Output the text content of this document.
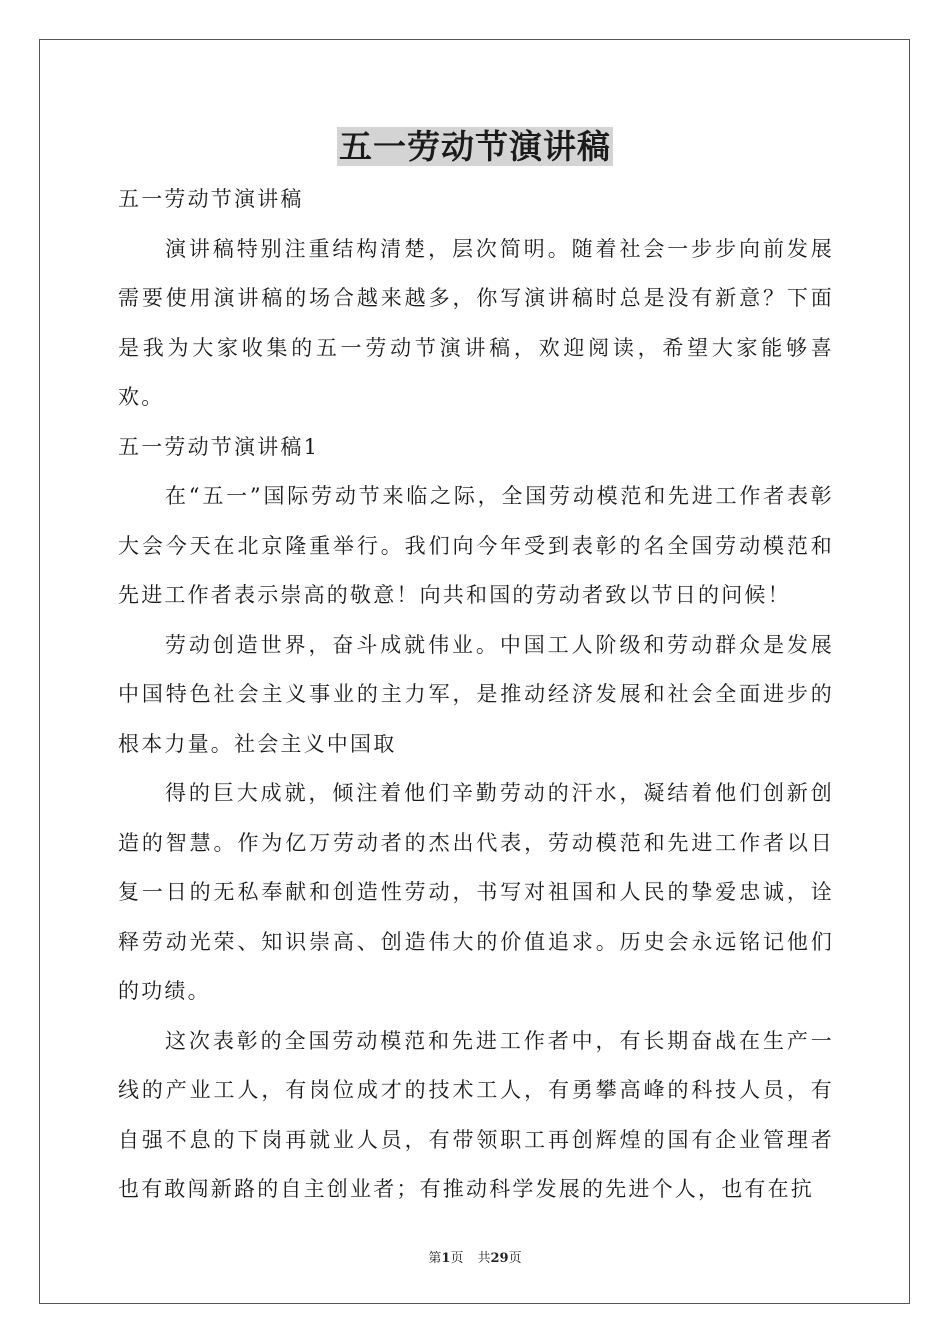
五一劳动节演讲稿

五一劳动节演讲稿

演讲稿特别注重结构清楚，层次简明。随着社会一步步向前发展需要使用演讲稿的场合越来越多，你写演讲稿时总是没有新意？下面是我为大家收集的五一劳动节演讲稿，欢迎阅读，希望大家能够喜欢。

五一劳动节演讲稿1

在“五一”国际劳动节来临之际，全国劳动模范和先进工作者表彰大会今天在北京隆重举行。我们向今年受到表彰的名全国劳动模范和先进工作者表示崇高的敬意！向共和国的劳动者致以节日的问候！

劳动创造世界，奋斗成就伟业。中国工人阶级和劳动群众是发展中国特色社会主义事业的主力军，是推动经济发展和社会全面进步的根本力量。社会主义中国取

得的巨大成就，倾注着他们辛勤劳动的汗水，凝结着他们创新创造的智慧。作为亿万劳动者的杰出代表，劳动模范和先进工作者以日复一日的无私奉献和创造性劳动，书写对祖国和人民的挚爱忠诚，诠释劳动光荣、知识崇高、创造伟大的价值追求。历史会永远铭记他们的功绩。

这次表彰的全国劳动模范和先进工作者中，有长期奋战在生产一线的产业工人，有岗位成才的技术工人，有勇攀高峰的科技人员，有自强不息的下岗再就业人员，有带领职工再创辉煌的国有企业管理者也有敢闯新路的自主创业者；有推动科学发展的先进个人，也有在抗

第1页 共29页
